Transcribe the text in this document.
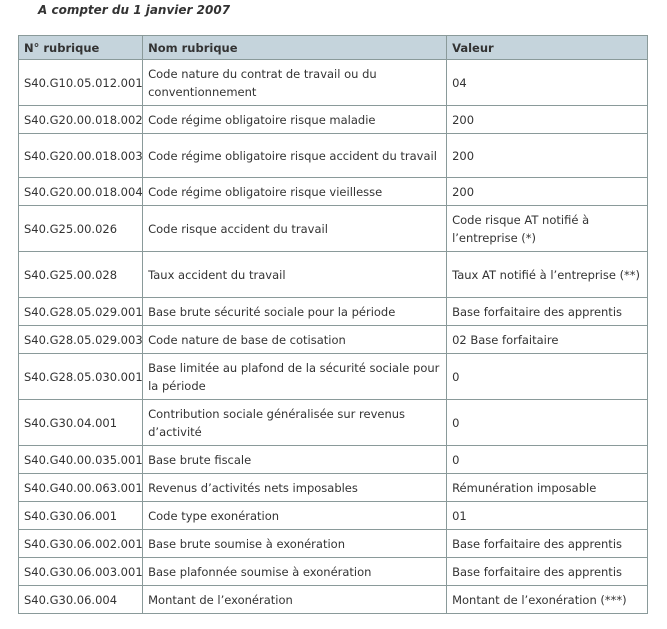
A compter du 1 janvier 2007
N° rubrique	Nom rubrique	Valeur
S40.G10.05.012.001	Code nature du contrat de travail ou du conventionnement	04
S40.G20.00.018.002	Code régime obligatoire risque maladie	200
S40.G20.00.018.003	Code régime obligatoire risque accident du travail	200
S40.G20.00.018.004	Code régime obligatoire risque vieillesse	200
S40.G25.00.026	Code risque accident du travail	Code risque AT notifié à l’entreprise (*)
S40.G25.00.028	Taux accident du travail	Taux AT notifié à l’entreprise (**)
S40.G28.05.029.001	Base brute sécurité sociale pour la période	Base forfaitaire des apprentis
S40.G28.05.029.003	Code nature de base de cotisation	02 Base forfaitaire
S40.G28.05.030.001	Base limitée au plafond de la sécurité sociale pour la période	0
S40.G30.04.001	Contribution sociale généralisée sur revenus d’activité	0
S40.G40.00.035.001	Base brute fiscale	0
S40.G40.00.063.001	Revenus d’activités nets imposables	Rémunération imposable
S40.G30.06.001	Code type exonération	01
S40.G30.06.002.001	Base brute soumise à exonération	Base forfaitaire des apprentis
S40.G30.06.003.001	Base plafonnée soumise à exonération	Base forfaitaire des apprentis
S40.G30.06.004	Montant de l’exonération	Montant de l’exonération (***)
